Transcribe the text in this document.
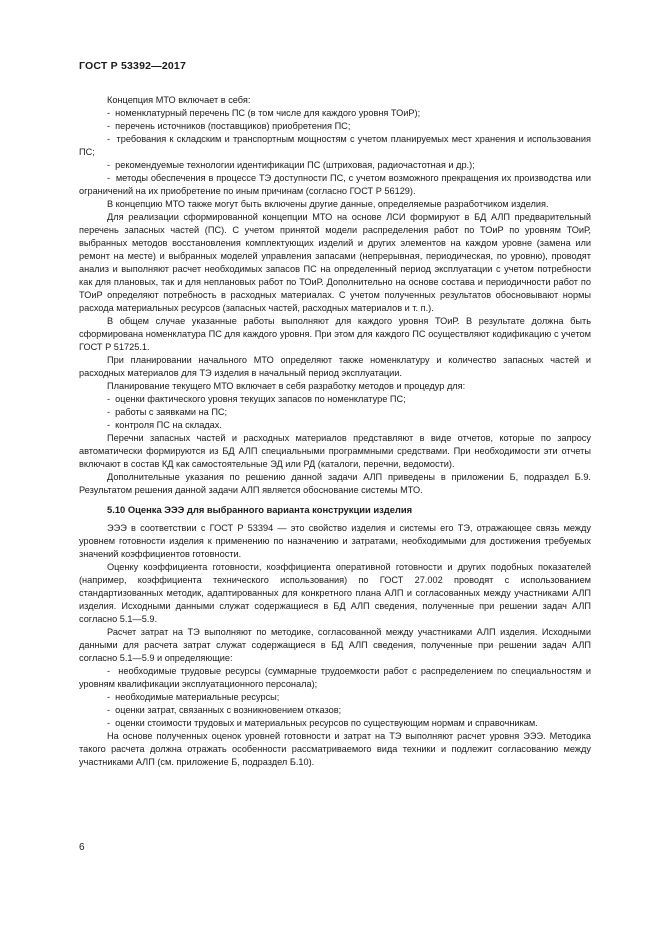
ГОСТ Р 53392—2017

Концепция МТО включает в себя:

-  номенклатурный перечень ПС (в том числе для каждого уровня ТОиР);

-  перечень источников (поставщиков) приобретения ПС;

-  требования к складским и транспортным мощностям с учетом планируемых мест хранения и использования ПС;

-  рекомендуемые технологии идентификации ПС (штриховая, радиочастотная и др.);

-  методы обеспечения в процессе ТЭ доступности ПС, с учетом возможного прекращения их производства или ограничений на их приобретение по иным причинам (согласно ГОСТ Р 56129).

В концепцию МТО также могут быть включены другие данные, определяемые разработчиком изделия.

Для реализации сформированной концепции МТО на основе ЛСИ формируют в БД АЛП предварительный перечень запасных частей (ПС). С учетом принятой модели распределения работ по ТОиР по уровням ТОиР, выбранных методов восстановления комплектующих изделий и других элементов на каждом уровне (замена или ремонт на месте) и выбранных моделей управления запасами (непрерывная, периодическая, по уровню), проводят анализ и выполняют расчет необходимых запасов ПС на определенный период эксплуатации с учетом потребности как для плановых, так и для неплановых работ по ТОиР. Дополнительно на основе состава и периодичности работ по ТОиР определяют потребность в расходных материалах. С учетом полученных результатов обосновывают нормы расхода материальных ресурсов (запасных частей, расходных материалов и т. п.).

В общем случае указанные работы выполняют для каждого уровня ТОиР. В результате должна быть сформирована номенклатура ПС для каждого уровня. При этом для каждого ПС осуществляют кодификацию с учетом ГОСТ Р 51725.1.

При планировании начального МТО определяют также номенклатуру и количество запасных частей и расходных материалов для ТЭ изделия в начальный период эксплуатации.

Планирование текущего МТО включает в себя разработку методов и процедур для:

-  оценки фактического уровня текущих запасов по номенклатуре ПС;

-  работы с заявками на ПС;

-  контроля ПС на складах.

Перечни запасных частей и расходных материалов представляют в виде отчетов, которые по запросу автоматически формируются из БД АЛП специальными программными средствами. При необходимости эти отчеты включают в состав КД как самостоятельные ЭД или РД (каталоги, перечни, ведомости).

Дополнительные указания по решению данной задачи АЛП приведены в приложении Б, подраздел Б.9. Результатом решения данной задачи АЛП является обоснование системы МТО.

5.10 Оценка ЭЭЭ для выбранного варианта конструкции изделия

ЭЭЭ в соответствии с ГОСТ Р 53394 — это свойство изделия и системы его ТЭ, отражающее связь между уровнем готовности изделия к применению по назначению и затратами, необходимыми для достижения требуемых значений коэффициентов готовности.

Оценку коэффициента готовности, коэффициента оперативной готовности и других подобных показателей (например, коэффициента технического использования) по ГОСТ 27.002 проводят с использованием стандартизованных методик, адаптированных для конкретного плана АЛП и согласованных между участниками АЛП изделия. Исходными данными служат содержащиеся в БД АЛП сведения, полученные при решении задач АЛП согласно 5.1—5.9.

Расчет затрат на ТЭ выполняют по методике, согласованной между участниками АЛП изделия. Исходными данными для расчета затрат служат содержащиеся в БД АЛП сведения, полученные при решении задач АЛП согласно 5.1—5.9 и определяющие:

-  необходимые трудовые ресурсы (суммарные трудоемкости работ с распределением по специальностям и уровням квалификации эксплуатационного персонала);

-  необходимые материальные ресурсы;

-  оценки затрат, связанных с возникновением отказов;

-  оценки стоимости трудовых и материальных ресурсов по существующим нормам и справочникам.

На основе полученных оценок уровней готовности и затрат на ТЭ выполняют расчет уровня ЭЭЭ. Методика такого расчета должна отражать особенности рассматриваемого вида техники и подлежит согласованию между участниками АЛП (см. приложение Б, подраздел Б.10).

6
